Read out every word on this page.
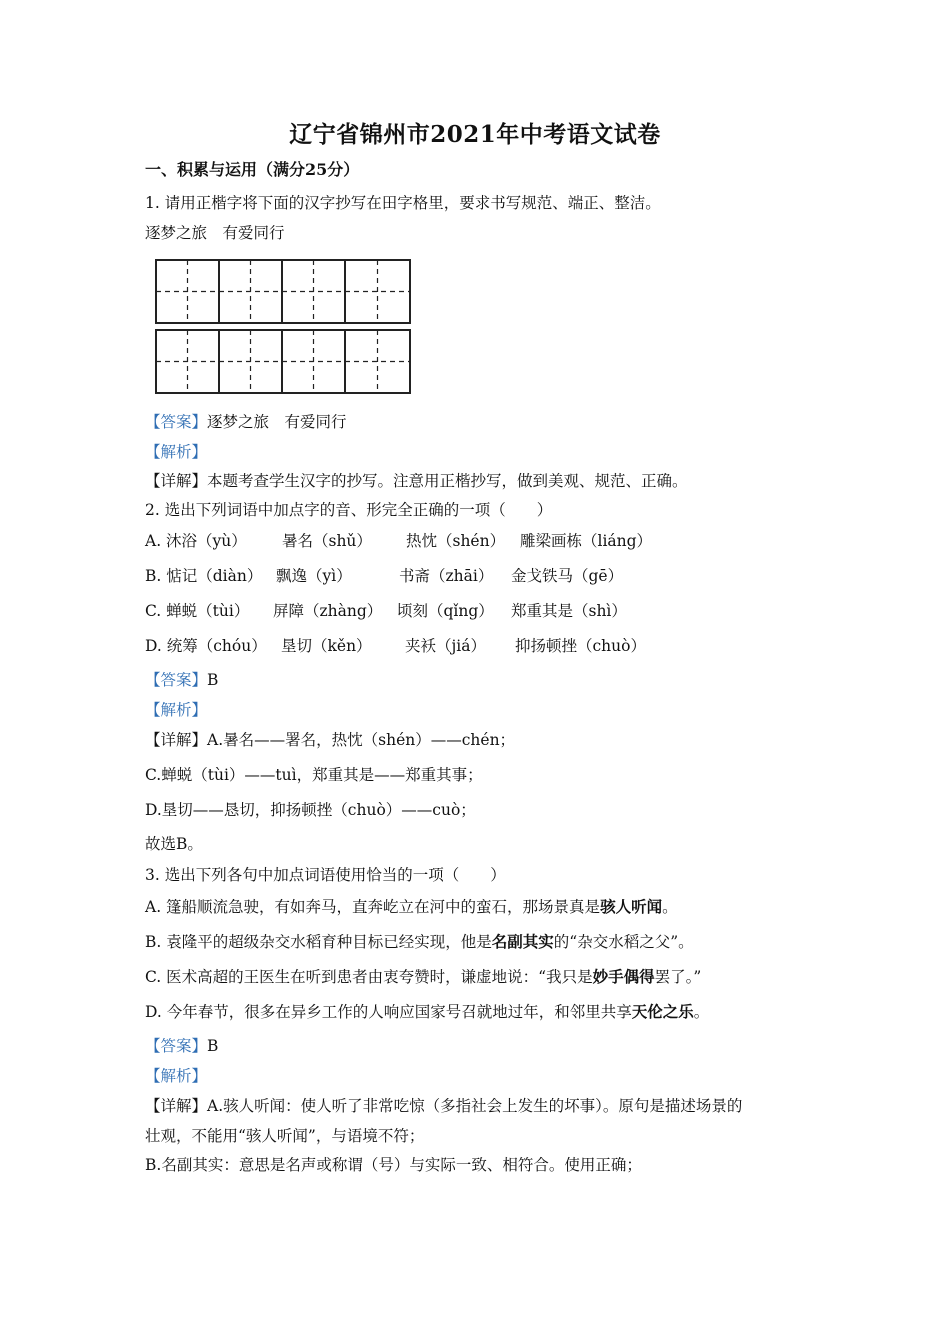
辽宁省锦州市2021年中考语文试卷
一、积累与运用（满分25分）
1. 请用正楷字将下面的汉字抄写在田字格里，要求书写规范、端正、整洁。
逐梦之旅　有爱同行
【答案】逐梦之旅　有爱同行
【解析】
【详解】本题考查学生汉字的抄写。注意用正楷抄写，做到美观、规范、正确。
2. 选出下列词语中加点字的音、形完全正确的一项（　　）
A. 沐浴（yù） 暑名（shǔ） 热忱（shén） 雕梁画栋（liáng）
B. 惦记（diàn） 飘逸（yì）	书斋（zhāi） 金戈铁马（gē）
C. 蝉蜕（tùi） 屏障（zhàng） 顷刻（qǐng） 郑重其是（shì）
D. 统筹（chóu） 垦切（kěn） 夹袄（jiá） 抑扬顿挫（chuò）
【答案】B
【解析】
【详解】A.暑名——署名，热忱（shén）——chén；
C.蝉蜕（tùi）——tuì，郑重其是——郑重其事；
D.垦切——恳切，抑扬顿挫（chuò）——cuò；
故选B。
3. 选出下列各句中加点词语使用恰当的一项（　　）
A. 篷船顺流急驶，有如奔马，直奔屹立在河中的蛮石，那场景真是骇人听闻。
B. 袁隆平的超级杂交水稻育种目标已经实现，他是名副其实的“杂交水稻之父”。
C. 医术高超的王医生在听到患者由衷夸赞时，谦虚地说：“我只是妙手偶得罢了。”
D. 今年春节，很多在异乡工作的人响应国家号召就地过年，和邻里共享天伦之乐。
【答案】B
【解析】
【详解】A.骇人听闻：使人听了非常吃惊（多指社会上发生的坏事）。原句是描述场景的
壮观，不能用“骇人听闻”，与语境不符；
B.名副其实：意思是名声或称谓（号）与实际一致、相符合。使用正确；
